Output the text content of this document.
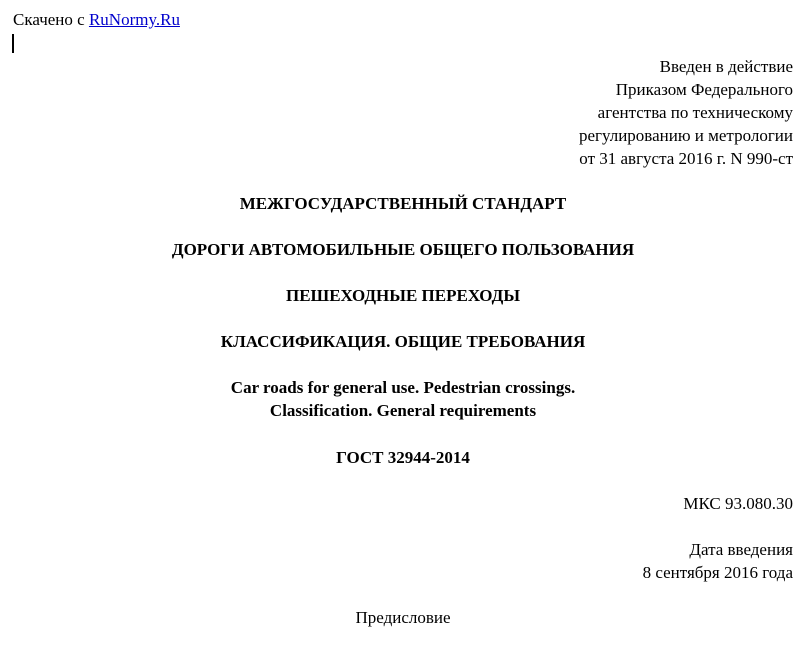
Скачено с RuNormy.Ru
Введен в действие
Приказом Федерального
агентства по техническому
регулированию и метрологии
от 31 августа 2016 г. N 990-ст
МЕЖГОСУДАРСТВЕННЫЙ СТАНДАРТ
ДОРОГИ АВТОМОБИЛЬНЫЕ ОБЩЕГО ПОЛЬЗОВАНИЯ
ПЕШЕХОДНЫЕ ПЕРЕХОДЫ
КЛАССИФИКАЦИЯ. ОБЩИЕ ТРЕБОВАНИЯ
Car roads for general use. Pedestrian crossings.
Classification. General requirements
ГОСТ 32944-2014
МКС 93.080.30
Дата введения
8 сентября 2016 года
Предисловие
